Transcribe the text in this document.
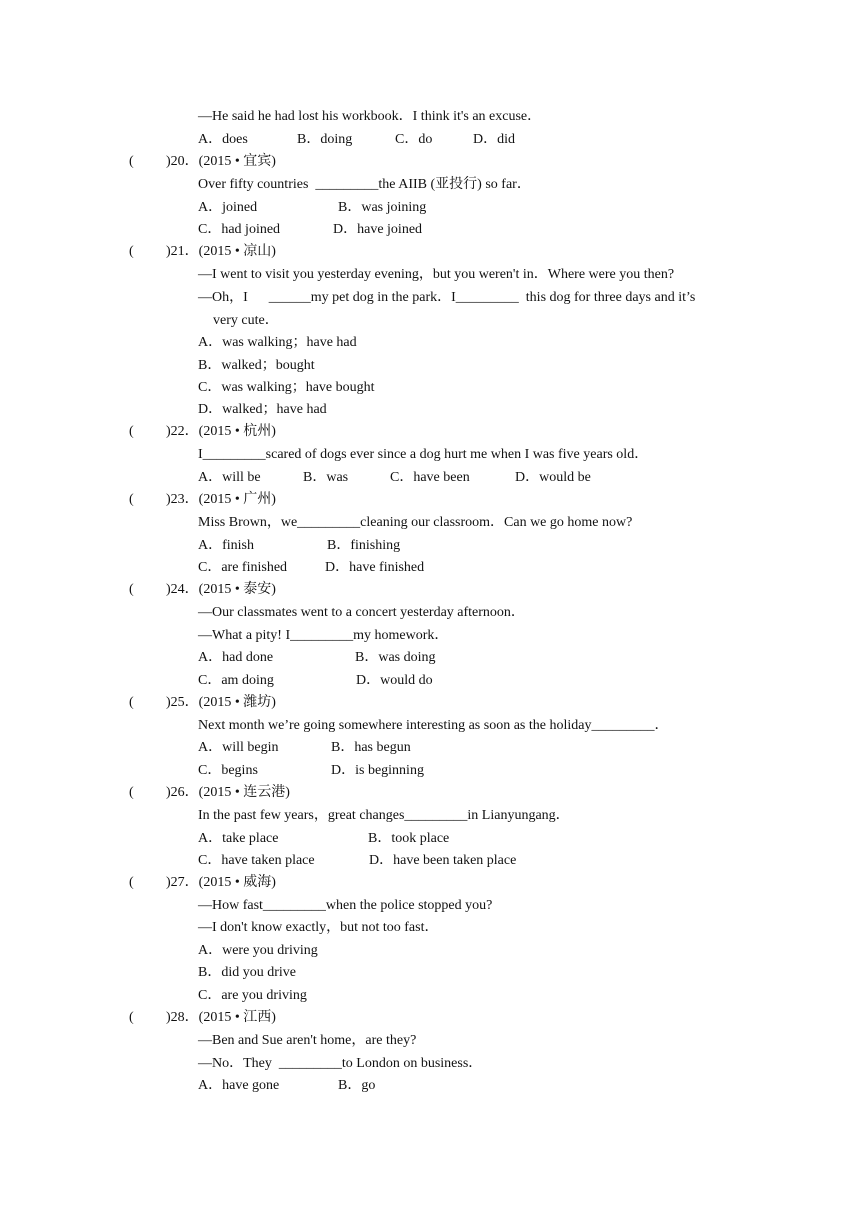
—He said he had lost his workbook．I think it's an excuse．
A．does	B．doing	C．do	D．did
( )20．(2015 • 宜宾)
Over fifty countries  _________the AIIB (亚投行) so far．
A．joined	B．was joining
C．had joined	D．have joined
( )21．(2015 • 凉山)
—I went to visit you yesterday evening，but you weren't in．Where were you then?
—Oh，I      ______my pet dog in the park．I_________  this dog for three days and it’s
very cute．
A．was walking；have had
B．walked；bought
C．was walking；have bought
D．walked；have had
( )22．(2015 • 杭州)
I_________scared of dogs ever since a dog hurt me when I was five years old．
A．will be	B．was	C．have been	D．would be
( )23．(2015 • 广州)
Miss Brown，we_________cleaning our classroom．Can we go home now?
A．finish	B．finishing
C．are finished	D．have finished
( )24．(2015 • 泰安)
—Our classmates went to a concert yesterday afternoon．
—What a pity! I_________my homework．
A．had done	B．was doing
C．am doing	D．would do
( )25．(2015 • 潍坊)
Next month we’re going somewhere interesting as soon as the holiday_________．
A．will begin	B．has begun
C．begins	D．is beginning
( )26．(2015 • 连云港)
In the past few years，great changes_________in Lianyungang．
A．take place	B．took place
C．have taken place	D．have been taken place
( )27．(2015 • 威海)
—How fast_________when the police stopped you?
—I don't know exactly，but not too fast．
A．were you driving
B．did you drive
C．are you driving
( )28．(2015 • 江西)
—Ben and Sue aren't home，are they?
—No．They  _________to London on business．
A．have gone	B．go
